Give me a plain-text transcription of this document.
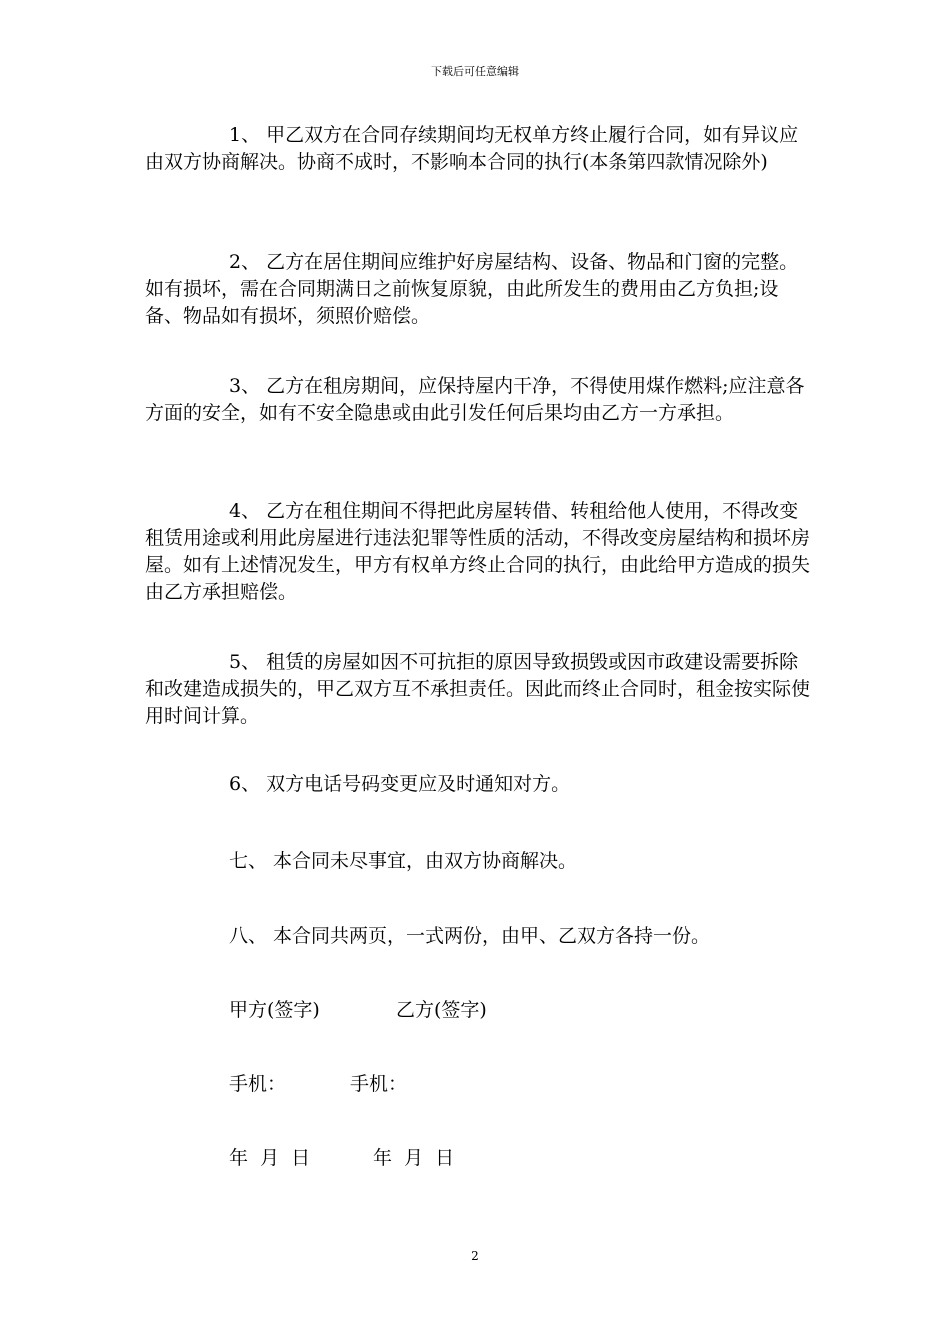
下载后可任意编辑

1、 甲乙双方在合同存续期间均无权单方终止履行合同，如有异议应由双方协商解决。协商不成时，不影响本合同的执行(本条第四款情况除外)

2、 乙方在居住期间应维护好房屋结构、设备、物品和门窗的完整。如有损坏，需在合同期满日之前恢复原貌，由此所发生的费用由乙方负担;设备、物品如有损坏，须照价赔偿。

3、 乙方在租房期间，应保持屋内干净，不得使用煤作燃料;应注意各方面的安全，如有不安全隐患或由此引发任何后果均由乙方一方承担。

4、 乙方在租住期间不得把此房屋转借、转租给他人使用，不得改变租赁用途或利用此房屋进行违法犯罪等性质的活动，不得改变房屋结构和损坏房屋。如有上述情况发生，甲方有权单方终止合同的执行，由此给甲方造成的损失由乙方承担赔偿。

5、 租赁的房屋如因不可抗拒的原因导致损毁或因市政建设需要拆除和改建造成损失的，甲乙双方互不承担责任。因此而终止合同时，租金按实际使用时间计算。

6、 双方电话号码变更应及时通知对方。
七、 本合同未尽事宜，由双方协商解决。
八、 本合同共两页，一式两份，由甲、乙双方各持一份。
甲方(签字)	乙方(签字)
手机：	手机：
年  月  日	年  月  日
2
